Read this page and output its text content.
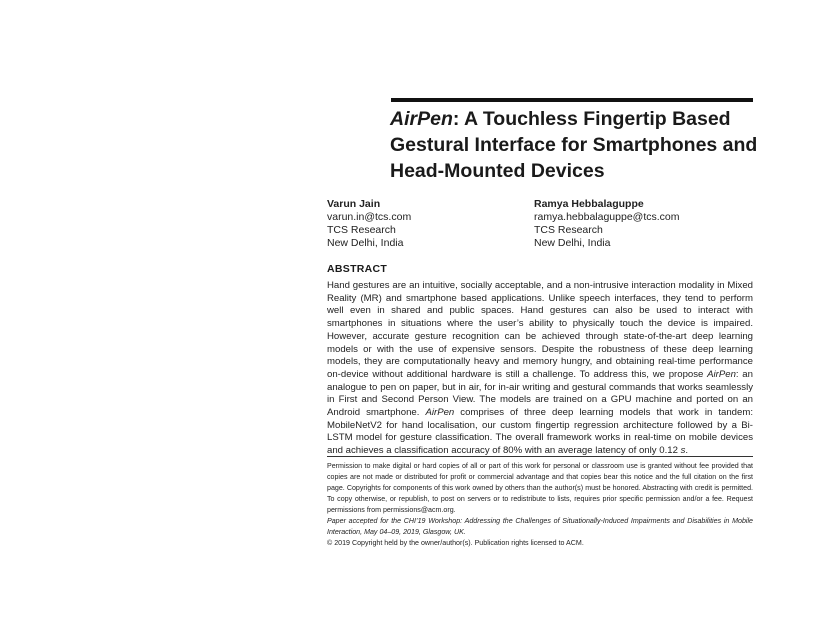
AirPen: A Touchless Fingertip Based Gestural Interface for Smartphones and Head-Mounted Devices
Varun Jain
varun.in@tcs.com
TCS Research
New Delhi, India
Ramya Hebbalaguppe
ramya.hebbalaguppe@tcs.com
TCS Research
New Delhi, India
ABSTRACT

Hand gestures are an intuitive, socially acceptable, and a non-intrusive interaction modality in Mixed Reality (MR) and smartphone based applications. Unlike speech interfaces, they tend to perform well even in shared and public spaces. Hand gestures can also be used to interact with smartphones in situations where the user’s ability to physically touch the device is impaired. However, accurate gesture recognition can be achieved through state-of-the-art deep learning models or with the use of expensive sensors. Despite the robustness of these deep learning models, they are computationally heavy and memory hungry, and obtaining real-time performance on-device without additional hardware is still a challenge. To address this, we propose AirPen: an analogue to pen on paper, but in air, for in-air writing and gestural commands that works seamlessly in First and Second Person View. The models are trained on a GPU machine and ported on an Android smartphone. AirPen comprises of three deep learning models that work in tandem: MobileNetV2 for hand localisation, our custom fingertip regression architecture followed by a Bi-LSTM model for gesture classification. The overall framework works in real-time on mobile devices and achieves a classification accuracy of 80% with an average latency of only 0.12 s.

Permission to make digital or hard copies of all or part of this work for personal or classroom use is granted without fee provided that copies are not made or distributed for profit or commercial advantage and that copies bear this notice and the full citation on the first page. Copyrights for components of this work owned by others than the author(s) must be honored. Abstracting with credit is permitted. To copy otherwise, or republish, to post on servers or to redistribute to lists, requires prior specific permission and/or a fee. Request permissions from permissions@acm.org.
Paper accepted for the CHI’19 Workshop: Addressing the Challenges of Situationally-Induced Impairments and Disabilities in Mobile Interaction, May 04–09, 2019, Glasgow, UK.
© 2019 Copyright held by the owner/author(s). Publication rights licensed to ACM.
